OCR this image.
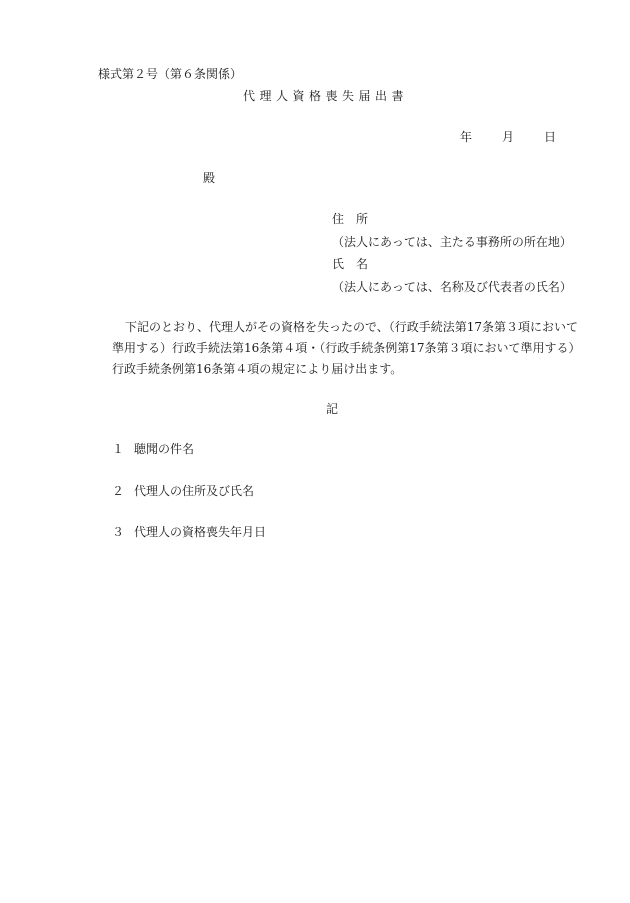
様式第２号（第６条関係）
代理人資格喪失届出書
年	月	日
殿
住　所
（法人にあっては、主たる事務所の所在地）
氏　名
（法人にあっては、名称及び代表者の氏名）
下記のとおり、代理人がその資格を失ったので、（行政手続法第17条第３項において
準用する）行政手続法第16条第４項・（行政手続条例第17条第３項において準用する）
行政手続条例第16条第４項の規定により届け出ます。
記
１ 聴聞の件名
２ 代理人の住所及び氏名
３ 代理人の資格喪失年月日
